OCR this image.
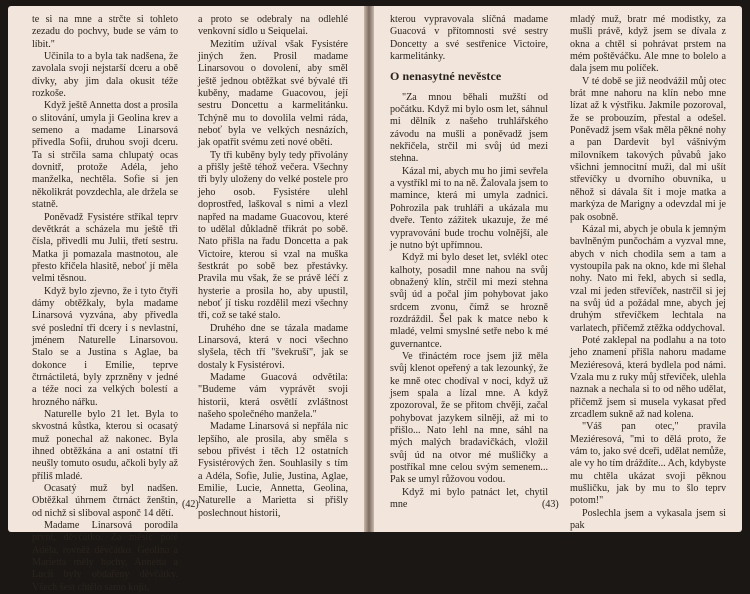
te si na mne a strčte si tohleto zezadu do pochvy, bude se vám to líbit."

Učinila to a byla tak nadšena, že zavolala svoji nejstarší dceru a obě dívky, aby jim dala okusit téže rozkoše.

Když ještě Annetta dost a prosila o slitování, umyla ji Geolina krev a semeno a madame Linarsová přivedla Sofii, druhou svoji dceru. Ta si strčila sama chlupatý ocas dovnitř, protože Adéla, jeho manželka, nechtěla. Sofie si jen několikrát povzdechla, ale držela se statně.

Poněvadž Fysistére stříkal teprv devětkrát a scházela mu ještě tři čísla, přivedli mu Julii, třetí sestru. Matka ji pomazala mastnotou, ale přesto křičela hlasitě, neboť jí měla velmi těsnou.

Když bylo zjevno, že i tyto čtyři dámy obtěžkaly, byla madame Linarsová vyzvána, aby přivedla své poslední tři dcery i s nevlastní, jménem Naturelle Linarsovou. Stalo se a Justina s Aglae, ba dokonce i Emilie, teprve čtrnáctiletá, byly zprzněny v jedné a téže noci za velkých bolestí a hrozného nářku.

Naturelle bylo 21 let. Byla to skvostná kůstka, kterou si ocasatý muž ponechal až nakonec. Byla ihned obtěžkána a ani ostatní tři neušly tomuto osudu, ačkoli byly až příliš mladé.

Ocasatý muž byl nadšen. Obtěžkal úhrnem čtrnáct ženštin, od nichž si sliboval asponč 14 dětí.

Madame Linarsová porodila první, děvčátko. Za měsíc poté Adéla, rovněž děvčátko. Geolina a Marietta měly hochy, Annetta a Lucií byly obdařeny děvčátky. Všech šest chtělo samo kojit,

a proto se odebraly na odlehlé venkovní sídlo u Seiquelai.

Mezitím užíval však Fysistére jiných žen. Prosil madame Linarsovou o dovolení, aby směl ještě jednou obtěžkat své bývalé tři kuběny, madame Guacovou, její sestru Doncettu a karmelitánku. Tchýně mu to dovolila velmi ráda, neboť byla ve velkých nesnázích, jak opatřit svému zeti nové oběti.

Ty tři kuběny byly tedy přivolány a přišly ještě téhož večera. Všechny tři byly uloženy do velké postele pro jeho osob. Fysistére ulehl doprostřed, laškoval s nimi a vlezl napřed na madame Guacovou, které to udělal důkladně třikrát po sobě. Nato přišla na řadu Doncetta a pak Victoire, kterou si vzal na muška šestkrát po sobě bez přestávky. Pravila mu však, že se právě léčí z hysterie a prosila ho, aby upustil, neboť jí tisku rozdělil mezi všechny tři, což se také stalo.

Druhého dne se tázala madame Linarsová, která v noci všechno slyšela, těch tří "švekruší", jak se dostaly k Fysistérovi.

Madame Guacová odvětila: "Budeme vám vyprávět svoji historii, která osvětlí zvláštnost našeho společného manžela."

Madame Linarsová si nepřála nic lepšího, ale prosila, aby směla s sebou přivést i těch 12 ostatních Fysistérových žen. Souhlasily s tím a Adéla, Sofie, Julie, Justina, Aglae, Emilie, Lucie, Annetta, Geolina, Naturelle a Marietta si přišly poslechnout historii,

(42)

kterou vypravovala slíčná madame Guacová v přítomnosti své sestry Doncetty a své sestřenice Victoire, karmelitánky.

O nenasytné nevěstce

"Za mnou běhali mužští od počátku. Když mi bylo osm let, sáhnul mi dělník z našeho truhlářského závodu na mušli a poněvadž jsem nekřičela, strčil mi svůj úd mezi stehna.

Kázal mi, abych mu ho jimi sevřela a vystříkl mi to na ně. Žalovala jsem to mamince, která mi umyla zadnici. Pohrozila pak truhláři a ukázala mu dveře. Tento zážitek ukazuje, že mé vypravování bude trochu volnější, ale je nutno být upřímnou.

Když mi bylo deset let, svlékl otec kalhoty, posadil mne nahou na svůj obnažený klín, strčil mi mezi stehna svůj úd a počal jím pohybovat jako srdcem zvonu, čímž se hrozně rozdráždil. Šel pak k matce nebo k mladé, velmi smyslné setře nebo k mé guvernantce.

Ve třináctém roce jsem již měla svůj klenot opeřený a tak lezounký, že ke mně otec chodíval v noci, když už jsem spala a lízal mne. A když zpozoroval, že se přitom chvěji, začal pohybovat jazykem silněji, až mi to přišlo... Nato lehl na mne, sáhl na mých malých bradavičkách, vložil svůj úd na otvor mé mušličky a postříkal mne celou svým semenem... Pak se umyl růžovou vodou.

Když mi bylo patnáct let, chytil mne

mladý muž, bratr mé modistky, za mušli právě, když jsem se dívala z okna a chtěl si pohrávat prstem na mém poštěváčku. Ale mne to bolelo a dala jsem mu políček.

V té době se již neodvážil můj otec brát mne nahoru na klín nebo mne lízat až k výstřiku. Jakmile pozoroval, že se probouzím, přestal a odešel. Poněvadž jsem však měla pěkné nohy a pan Dardevit byl vášnivým milovníkem takových půvabů jako všichni jemnocitní muži, dal mi ušít střevíčky u dvorního obuvníka, u něhož si dávala šít i moje matka a markýza de Marigny a odevzdal mi je pak osobně.

Kázal mi, abych je obula k jemným bavlněným punčochám a vyzval mne, abych v nich chodila sem a tam a vystoupila pak na okno, kde mi šlehal nohy. Nato mi řekl, abych si sedla, vzal mi jeden střevíček, nastrčil si jej na svůj úd a požádal mne, abych jej druhým střevíčkem lechtala na varlatech, přičemž ztěžka oddychoval.

Poté zaklepal na podlahu a na toto jeho znamení přišla nahoru madame Meziéresová, která bydlela pod námi. Vzala mu z ruky můj střevíček, ulehla naznak a nechala si to od něho udělat, přičemž jsem si musela vykasat před zrcadlem sukně až nad kolena.

"Váš pan otec," pravila Meziéresová, "mi to dělá proto, že vám to, jako své dceři, udělat nemůže, ale vy ho tím dráždíte... Ach, kdybyste mu chtěla ukázat svoji pěknou mušličku, jak by mu to šlo teprv potom!"

Poslechla jsem a vykasala jsem si pak

(43)
